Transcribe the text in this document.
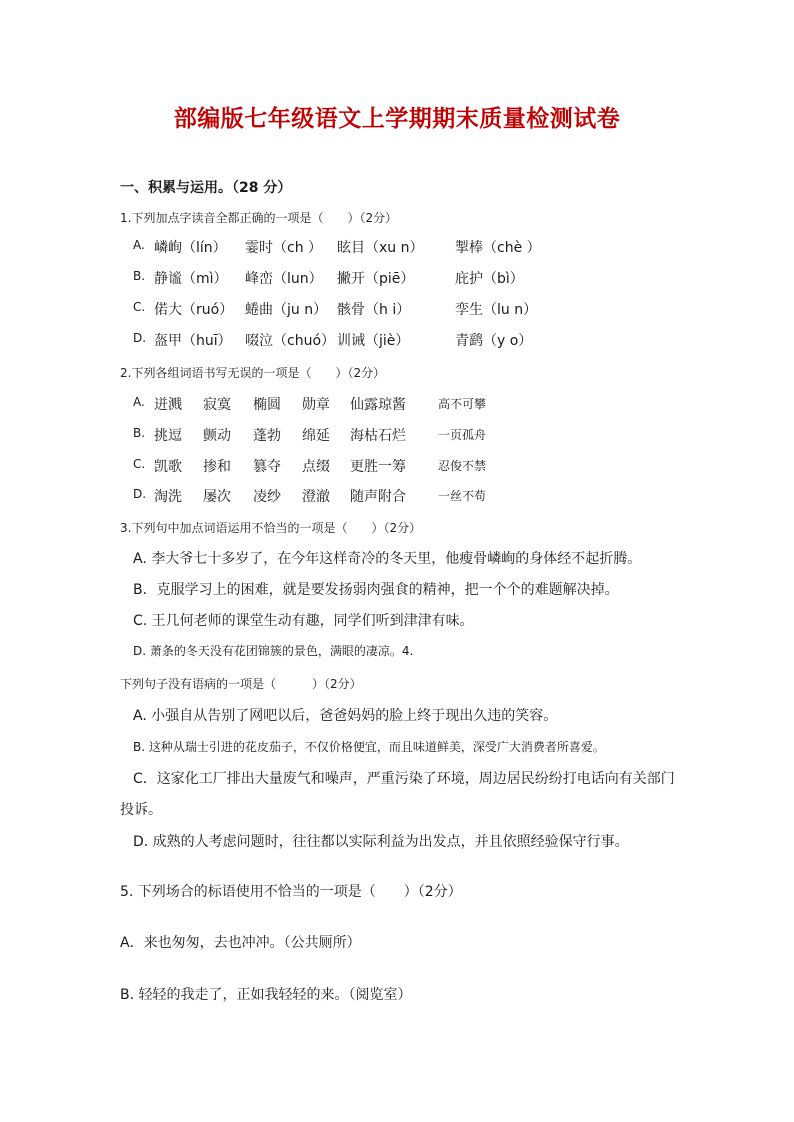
部编版七年级语文上学期期末质量检测试卷
一、积累与运用。（28 分）
1.下列加点字读音全都正确的一项是（　　）（2分）
A. 嶙峋（lín） 霎时（ch ） 眩目（xu n） 掣棒（chè ）
B. 静谧（mì） 峰峦（lun） 撇开（piē）	庇护（bì）
C. 偌大（ruó） 蜷曲（ju n） 骸骨（h i）	孪生（lu n）
D. 盔甲（huī） 啜泣（chuó） 训诫（jiè）	青鹞（y o）
2.下列各组词语书写无误的一项是（　　）（2分）
A. 迸溅 寂寞 椭圆 勋章 仙露琼酱	高不可攀
B. 挑逗 颤动 蓬勃 绵延 海枯石烂	一页孤舟
C. 凯歌 掺和 篡夺 点缀 更胜一筹	忍俊不禁
D. 淘洗 屡次 凌纱 澄澈 随声附合	一丝不苟
3.下列句中加点词语运用不恰当的一项是（　　）（2分）
A. 李大爷七十多岁了，在今年这样奇冷的冬天里，他瘦骨嶙峋的身体经不起折腾。
B．克服学习上的困难，就是要发扬弱肉强食的精神，把一个个的难题解决掉。
C. 王几何老师的课堂生动有趣，同学们听到津津有味。
D. 萧条的冬天没有花团锦簇的景色，满眼的凄凉。4.
下列句子没有语病的一项是（　　　）（2分）
A. 小强自从告别了网吧以后，爸爸妈妈的脸上终于现出久违的笑容。
B. 这种从瑞士引进的花皮茄子，不仅价格便宜，而且味道鲜美，深受广大消费者所喜爱。
C．这家化工厂排出大量废气和噪声，严重污染了环境，周边居民纷纷打电话向有关部门
投诉。
D. 成熟的人考虑问题时，往往都以实际利益为出发点，并且依照经验保守行事。
5. 下列场合的标语使用不恰当的一项是（　　）（2分）
A．来也匆匆，去也冲冲。（公共厕所）
B. 轻轻的我走了，正如我轻轻的来。（阅览室）
